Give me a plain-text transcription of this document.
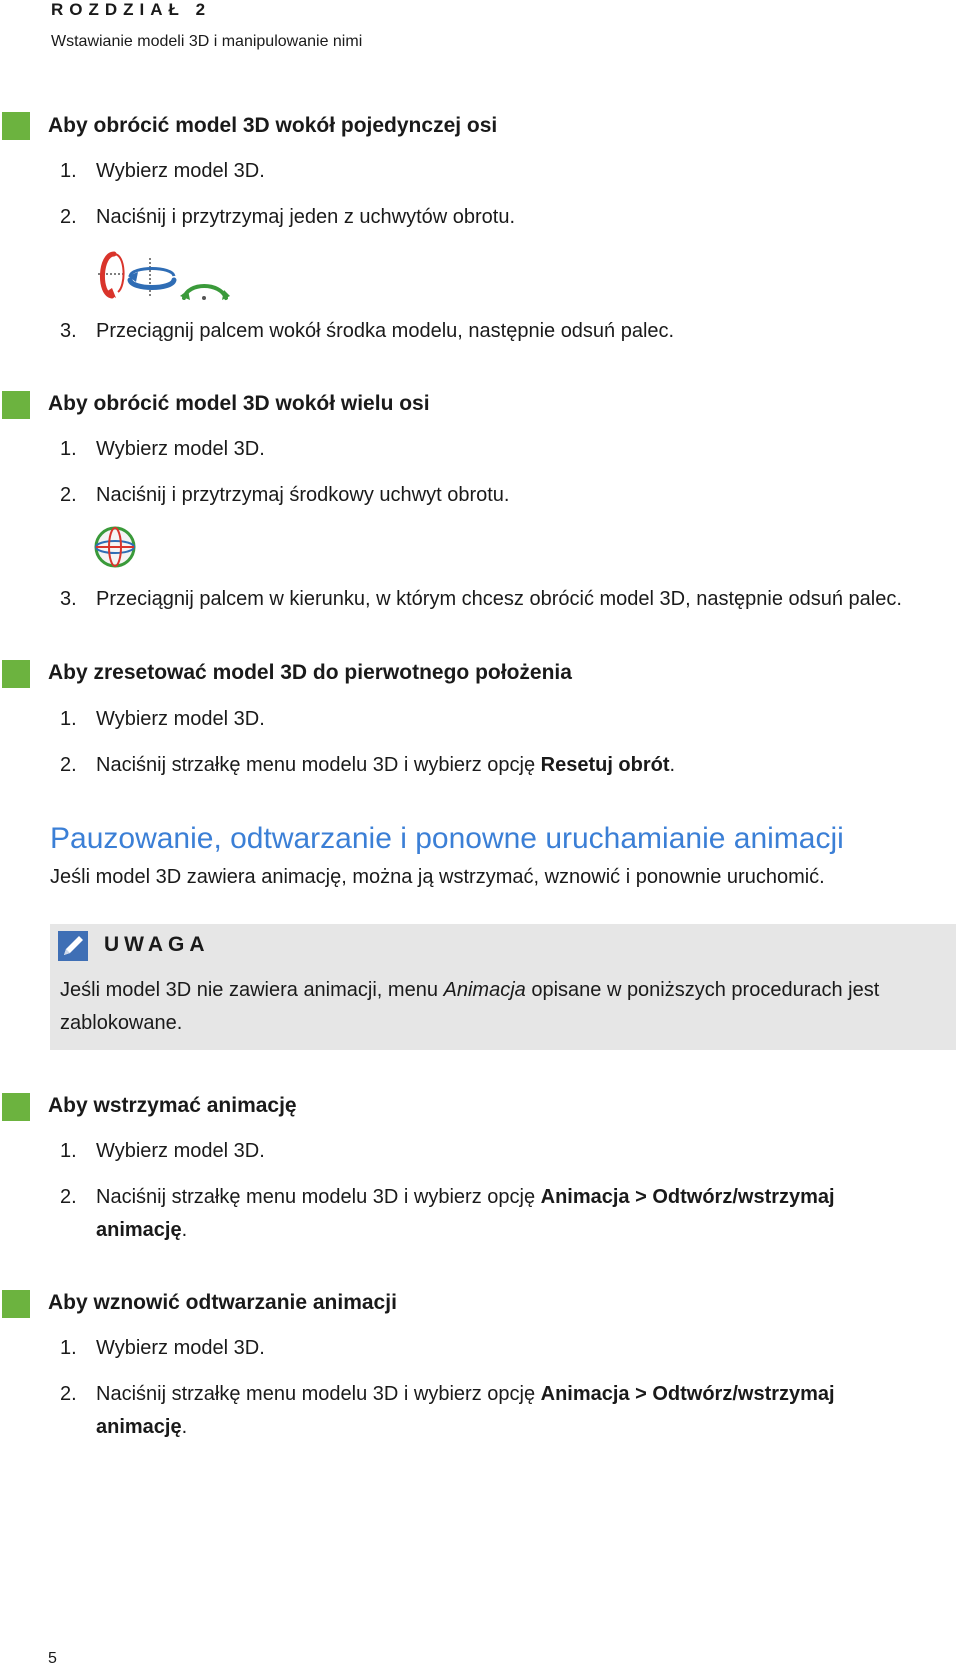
ROZDZIAŁ 2
Wstawianie modeli 3D i manipulowanie nimi
Aby obrócić model 3D wokół pojedynczej osi
1. Wybierz model 3D.
2. Naciśnij i przytrzymaj jeden z uchwytów obrotu.
3. Przeciągnij palcem wokół środka modelu, następnie odsuń palec.
Aby obrócić model 3D wokół wielu osi
1. Wybierz model 3D.
2. Naciśnij i przytrzymaj środkowy uchwyt obrotu.
3. Przeciągnij palcem w kierunku, w którym chcesz obrócić model 3D, następnie odsuń palec.
Aby zresetować model 3D do pierwotnego położenia
1. Wybierz model 3D.
2. Naciśnij strzałkę menu modelu 3D i wybierz opcję Resetuj obrót.
Pauzowanie, odtwarzanie i ponowne uruchamianie animacji
Jeśli model 3D zawiera animację, można ją wstrzymać, wznowić i ponownie uruchomić.
UWAGA
Jeśli model 3D nie zawiera animacji, menu Animacja opisane w poniższych procedurach jest zablokowane.
Aby wstrzymać animację
1. Wybierz model 3D.
2. Naciśnij strzałkę menu modelu 3D i wybierz opcję Animacja > Odtwórz/wstrzymaj
animację.
Aby wznowić odtwarzanie animacji
1. Wybierz model 3D.
2. Naciśnij strzałkę menu modelu 3D i wybierz opcję Animacja > Odtwórz/wstrzymaj
animację.
5
